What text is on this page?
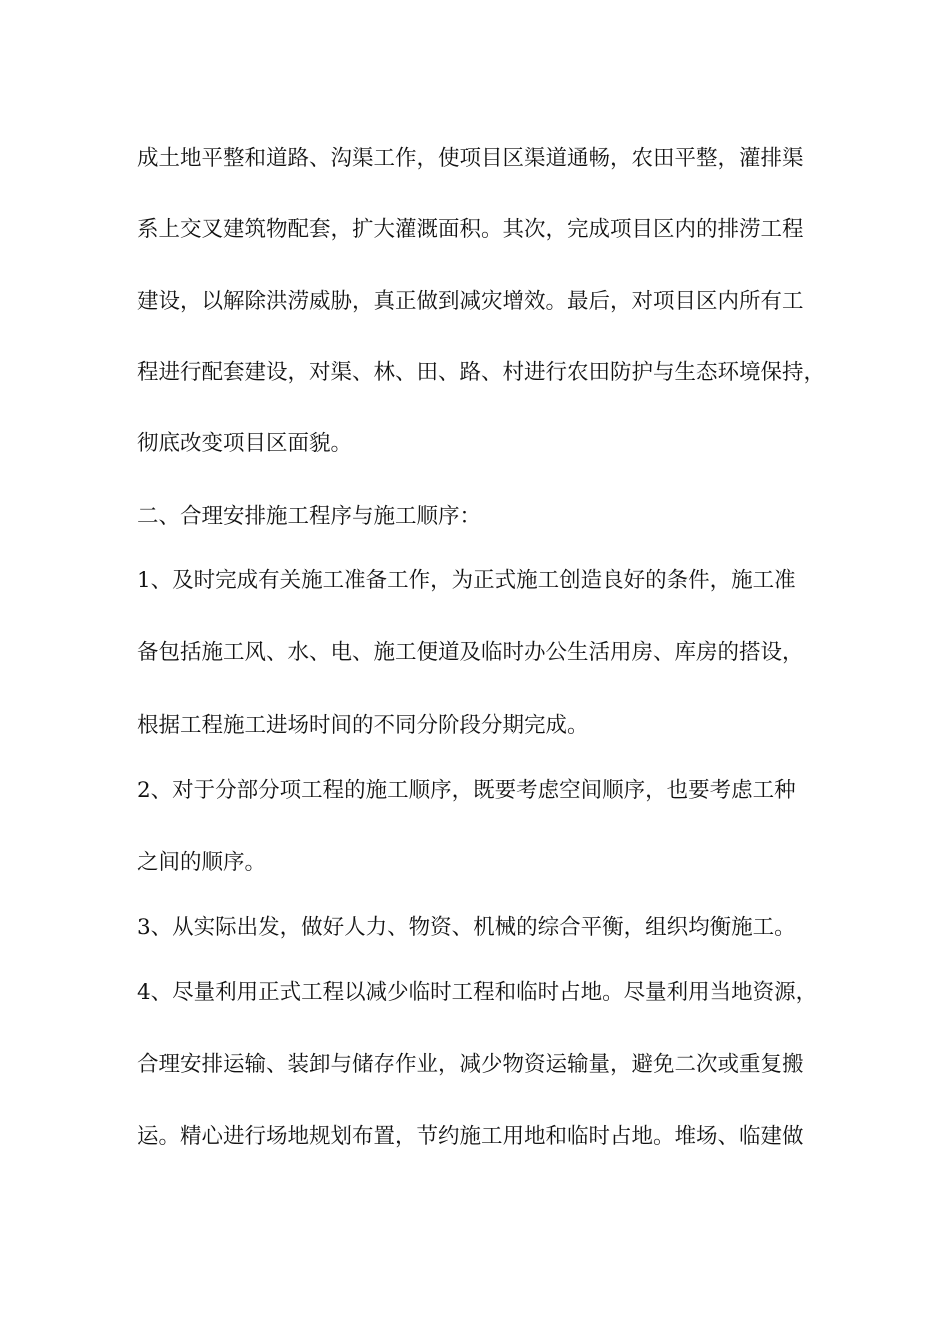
成土地平整和道路、沟渠工作，使项目区渠道通畅，农田平整，灌排渠
系上交叉建筑物配套，扩大灌溉面积。其次，完成项目区内的排涝工程
建设，以解除洪涝威胁，真正做到减灾增效。最后，对项目区内所有工
程进行配套建设，对渠、林、田、路、村进行农田防护与生态环境保持，
彻底改变项目区面貌。
二、合理安排施工程序与施工顺序：
1、及时完成有关施工准备工作，为正式施工创造良好的条件，施工准
备包括施工风、水、电、施工便道及临时办公生活用房、库房的搭设，
根据工程施工进场时间的不同分阶段分期完成。
2、对于分部分项工程的施工顺序，既要考虑空间顺序，也要考虑工种
之间的顺序。
3、从实际出发，做好人力、物资、机械的综合平衡，组织均衡施工。
4、尽量利用正式工程以减少临时工程和临时占地。尽量利用当地资源，
合理安排运输、装卸与储存作业，减少物资运输量，避免二次或重复搬
运。精心进行场地规划布置，节约施工用地和临时占地。堆场、临建做
